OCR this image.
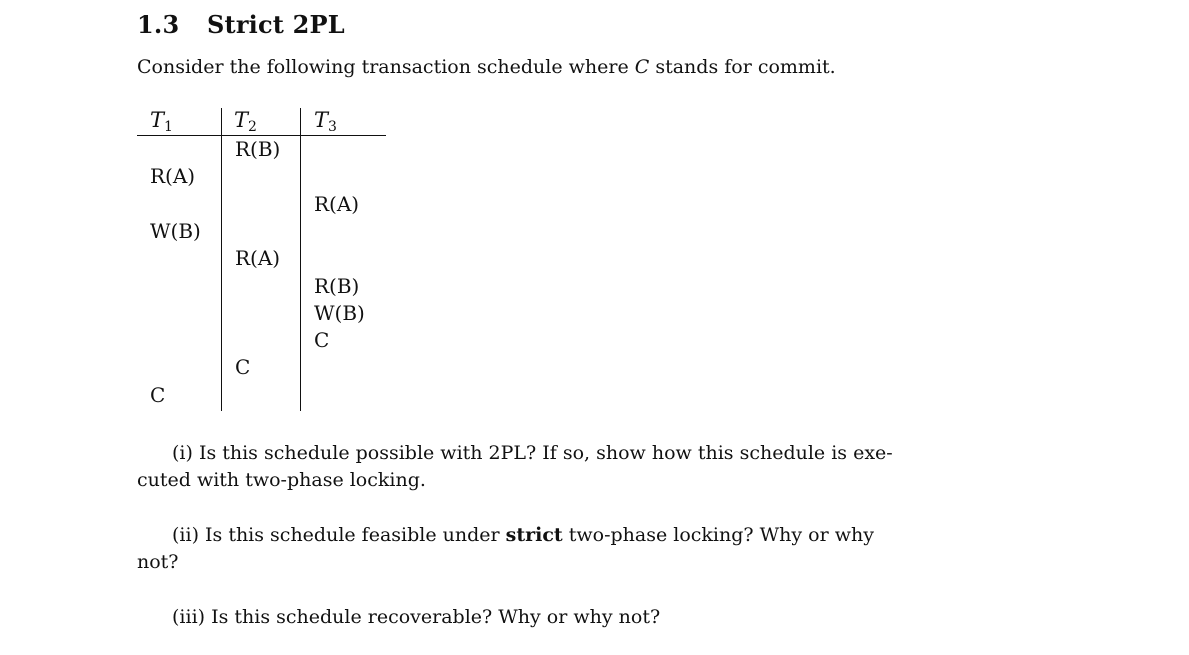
1.3 Strict 2PL
Consider the following transaction schedule where C stands for commit.
$T_1$	$T_2$	$T_3$
R(B)
R(A)
R(A)
W(B)
R(A)
R(B)
W(B)
C
C
C
(i) Is this schedule possible with 2PL? If so, show how this schedule is exe-
cuted with two-phase locking.
(ii) Is this schedule feasible under strict two-phase locking? Why or why
not?
(iii) Is this schedule recoverable? Why or why not?
